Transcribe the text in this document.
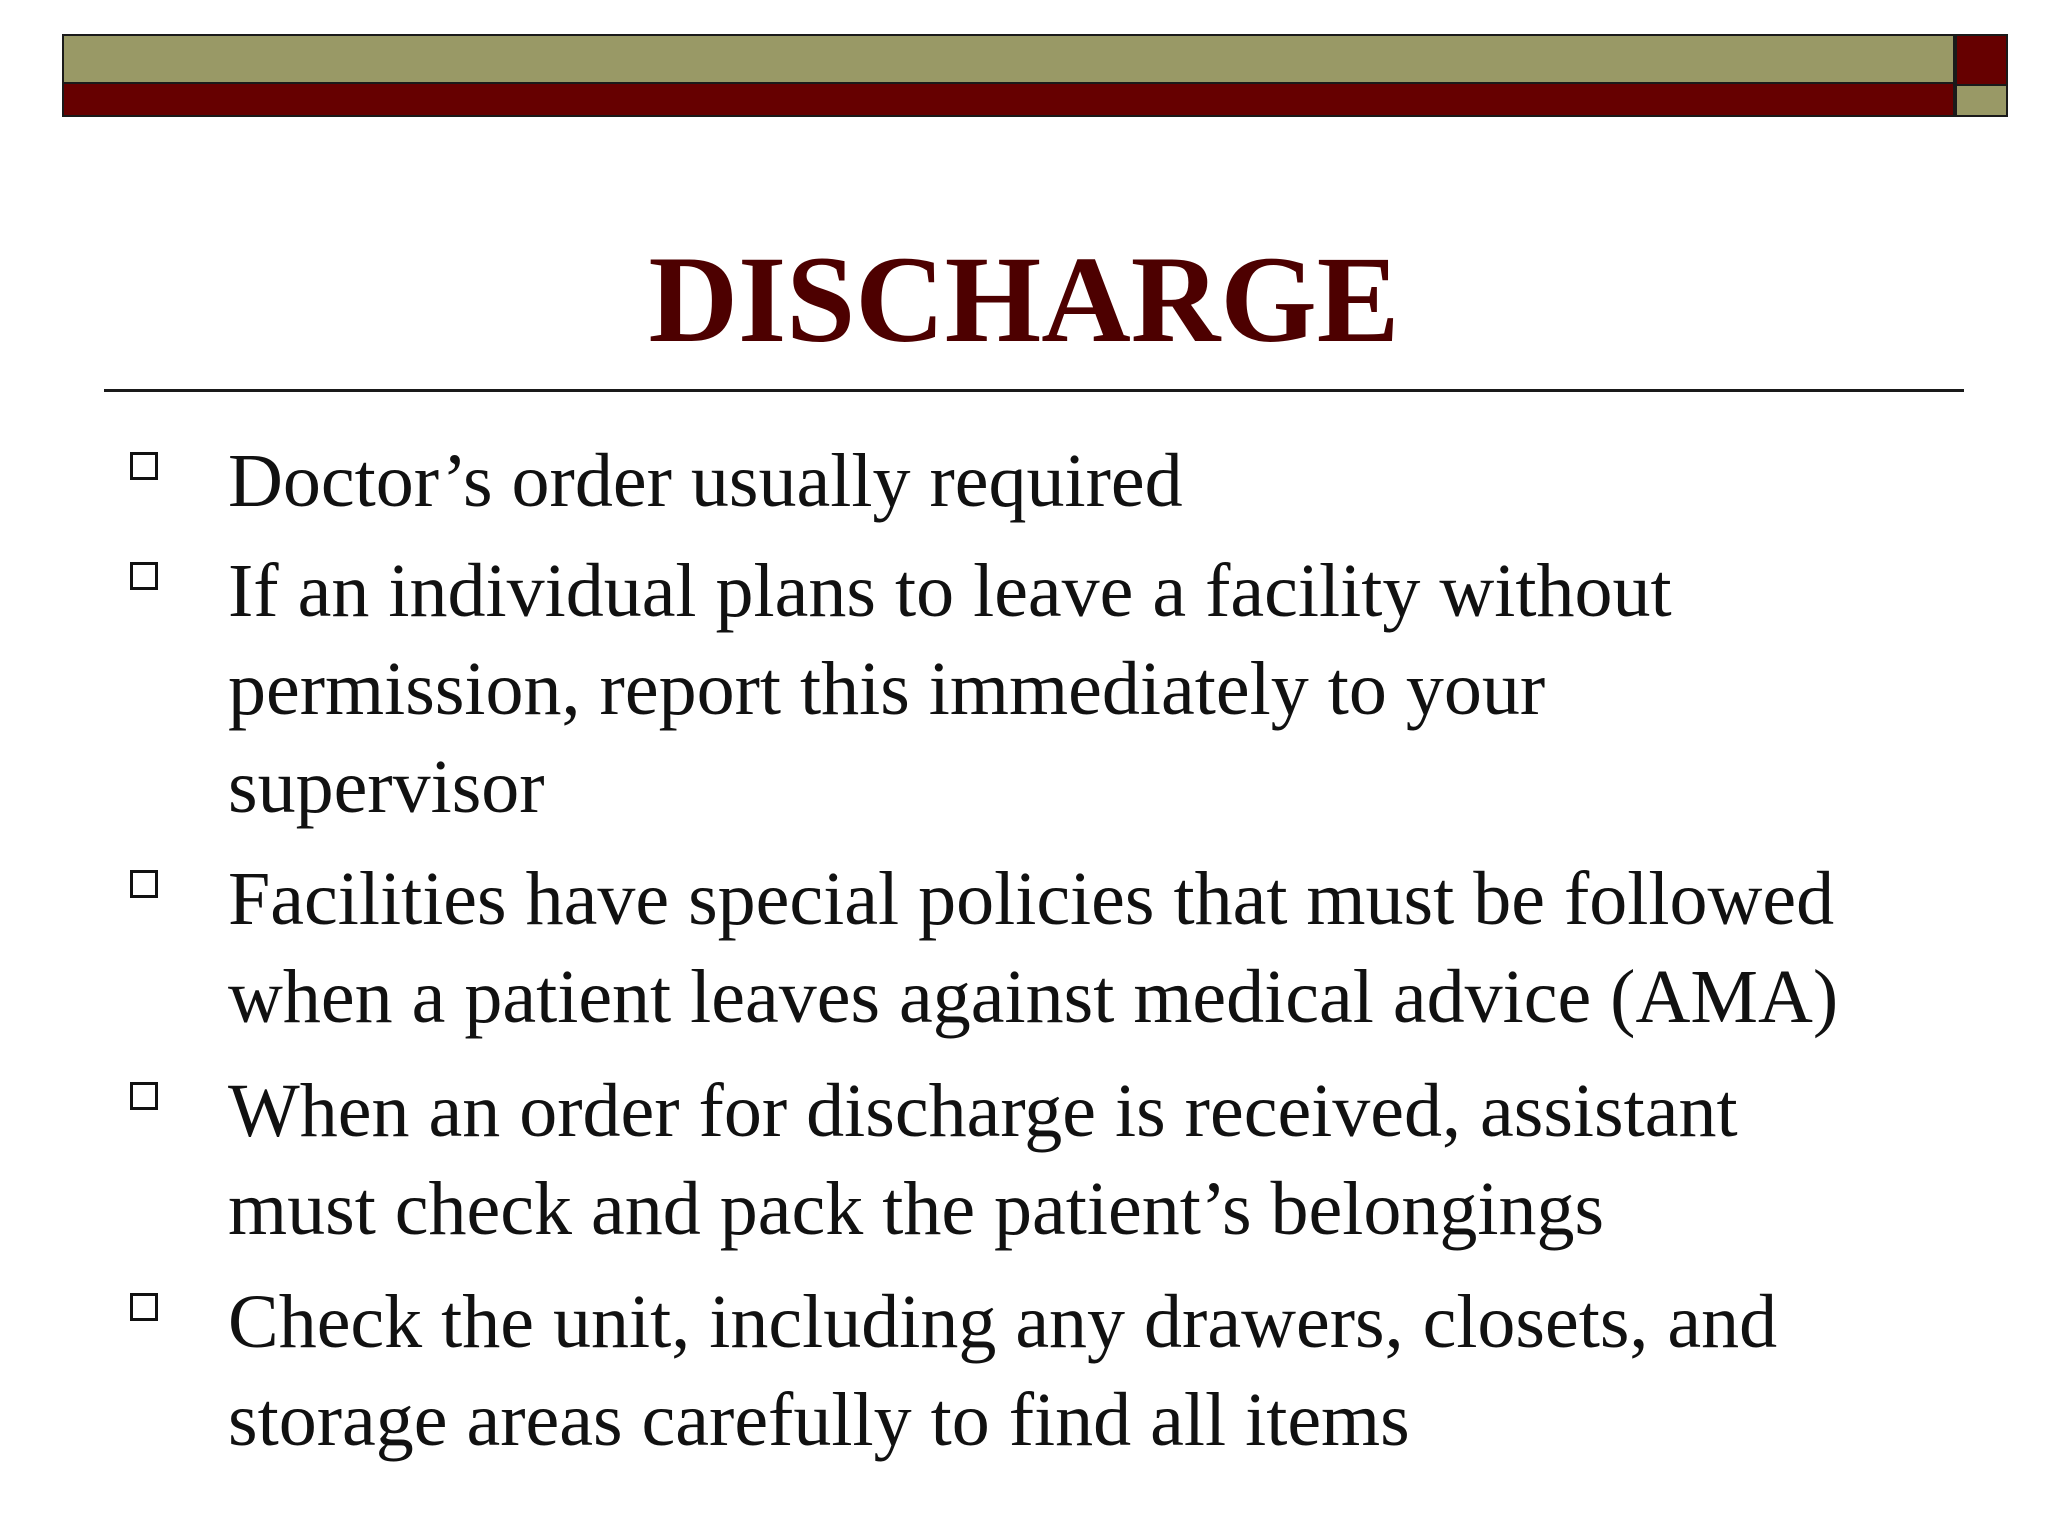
DISCHARGE

Doctor’s order usually required

If an individual plans to leave a facility without
permission, report this immediately to your
supervisor

Facilities have special policies that must be followed
when a patient leaves against medical advice (AMA)

When an order for discharge is received, assistant
must check and pack the patient’s belongings

Check the unit, including any drawers, closets, and
storage areas carefully to find all items
